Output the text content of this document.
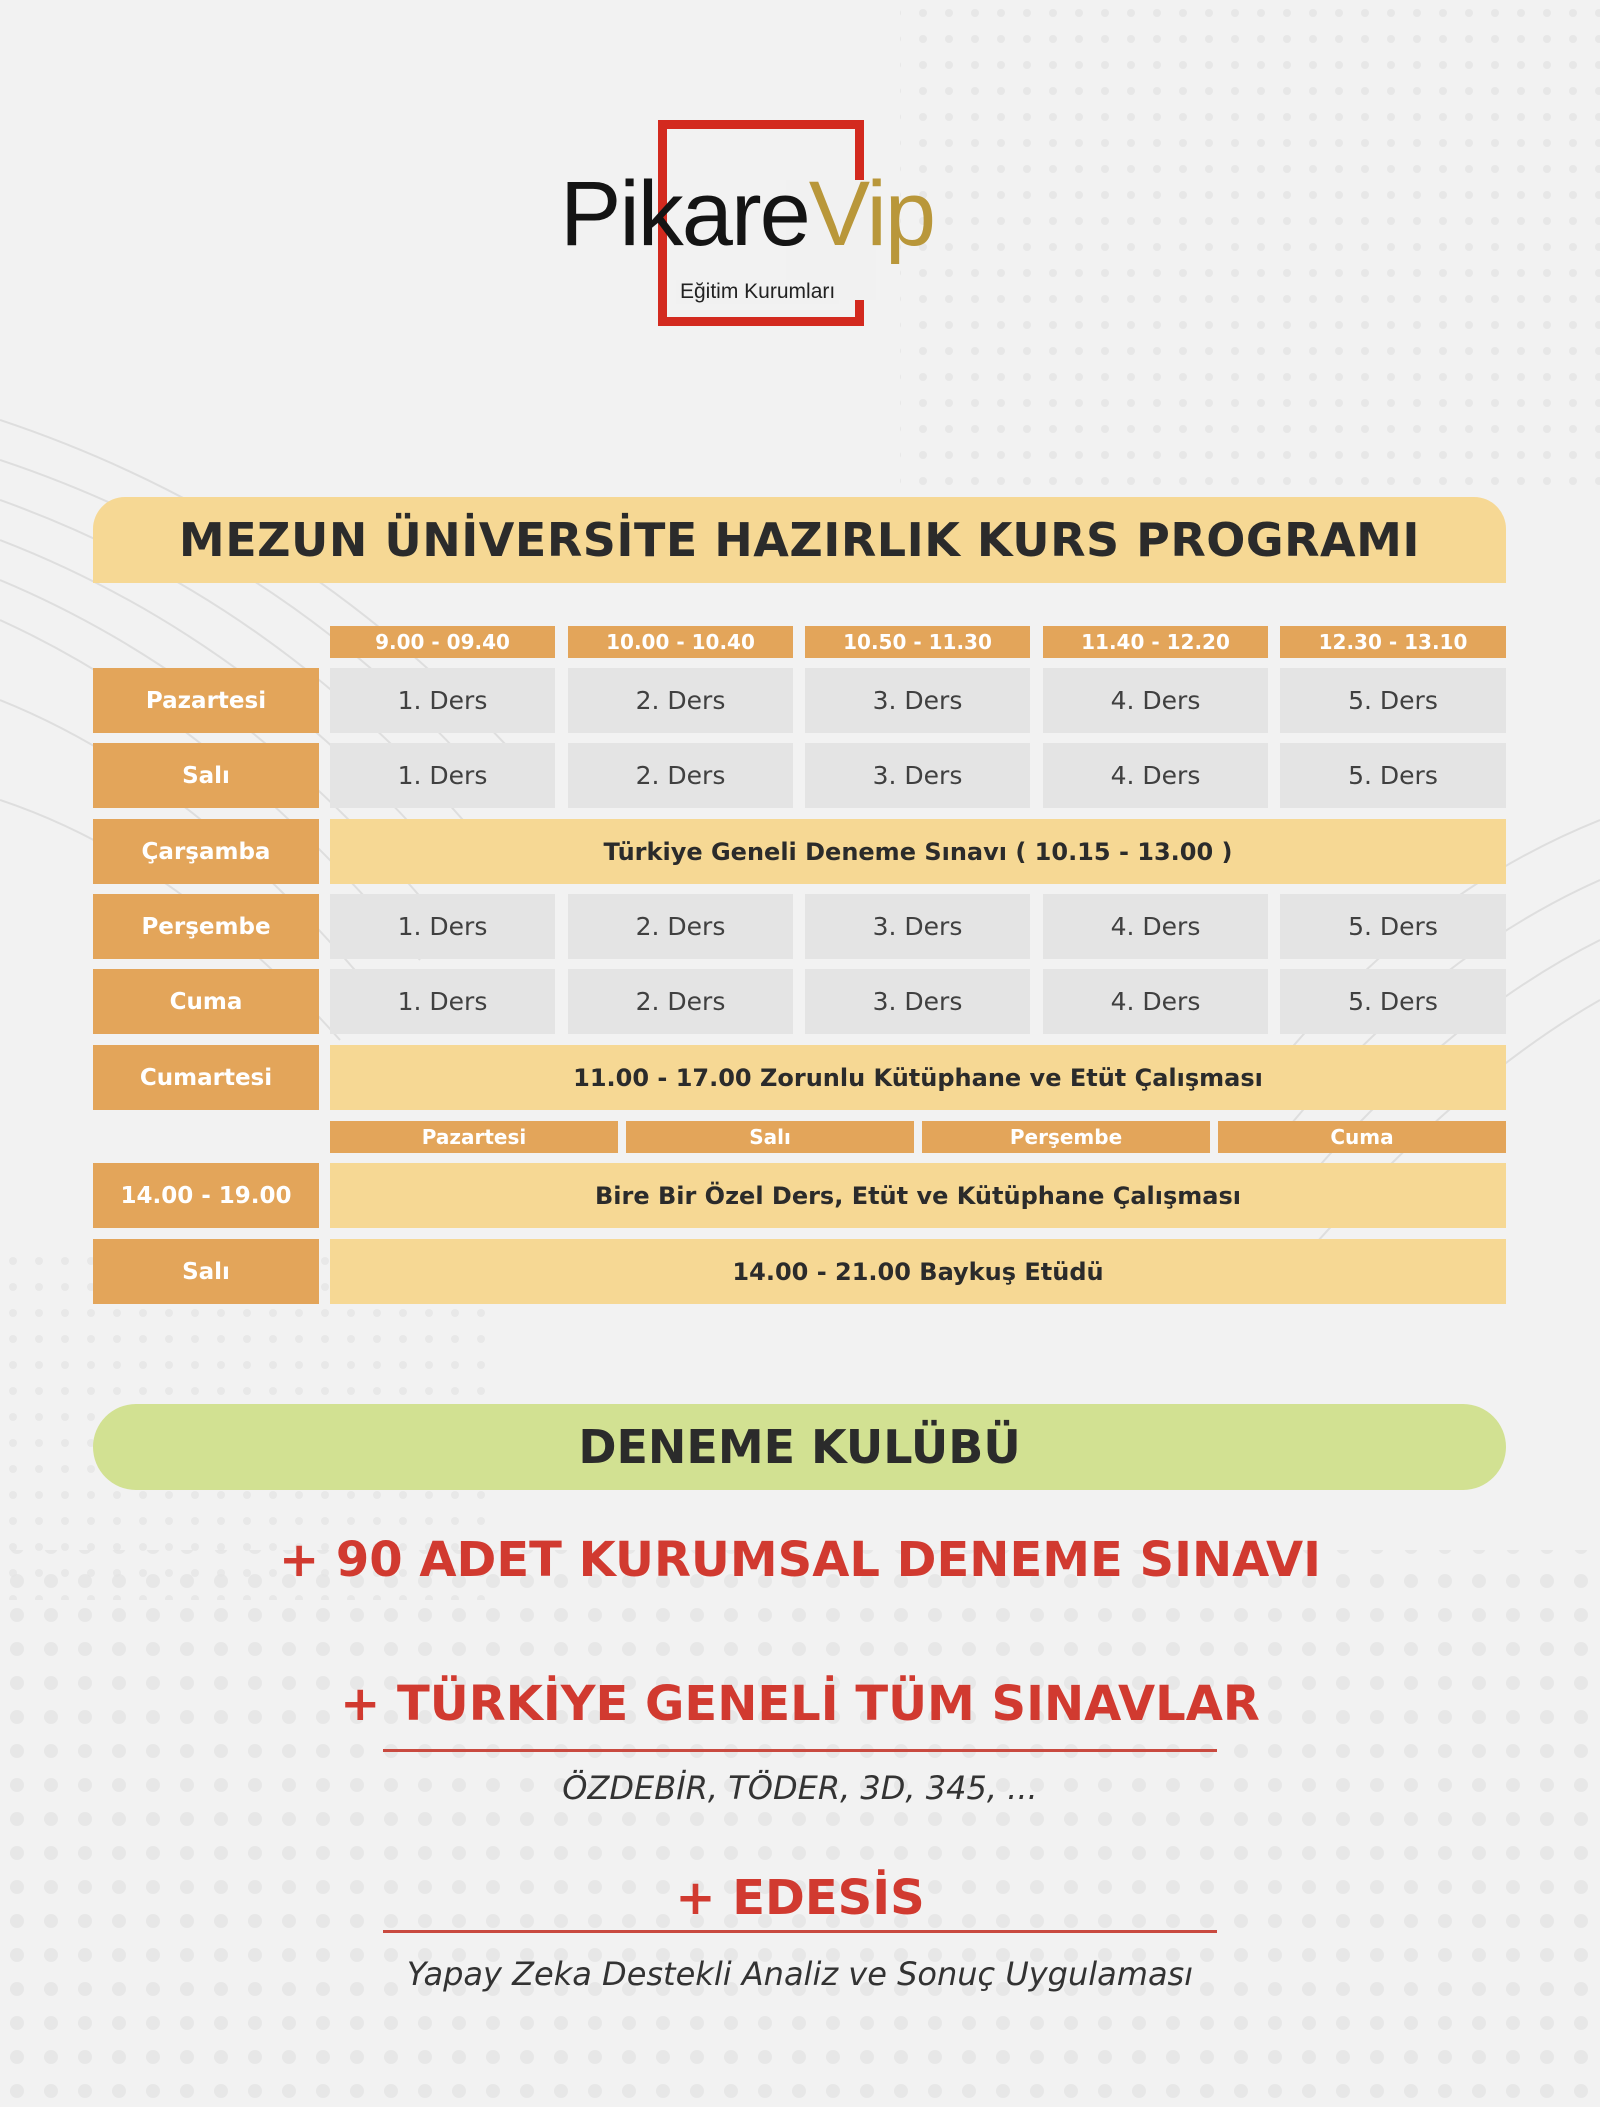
PikareVip
Eğitim Kurumları
MEZUN ÜNİVERSİTE HAZIRLIK KURS PROGRAMI
9.00 - 09.40	10.00 - 10.40	10.50 - 11.30	11.40 - 12.20	12.30 - 13.10
Pazartesi	1. Ders	2. Ders	3. Ders	4. Ders	5. Ders
Salı	1. Ders	2. Ders	3. Ders	4. Ders	5. Ders
Çarşamba	Türkiye Geneli Deneme Sınavı ( 10.15 - 13.00 )
Perşembe	1. Ders	2. Ders	3. Ders	4. Ders	5. Ders
Cuma	1. Ders	2. Ders	3. Ders	4. Ders	5. Ders
Cumartesi	11.00 - 17.00 Zorunlu Kütüphane ve Etüt Çalışması
Pazartesi	Salı	Perşembe	Cuma
14.00 - 19.00	Bire Bir Özel Ders, Etüt ve Kütüphane Çalışması
Salı	14.00 - 21.00 Baykuş Etüdü
DENEME KULÜBÜ
+ 90 ADET KURUMSAL DENEME SINAVI
+ TÜRKİYE GENELİ TÜM SINAVLAR
ÖZDEBİR, TÖDER, 3D, 345, ...
+ EDESİS
Yapay Zeka Destekli Analiz ve Sonuç Uygulaması
